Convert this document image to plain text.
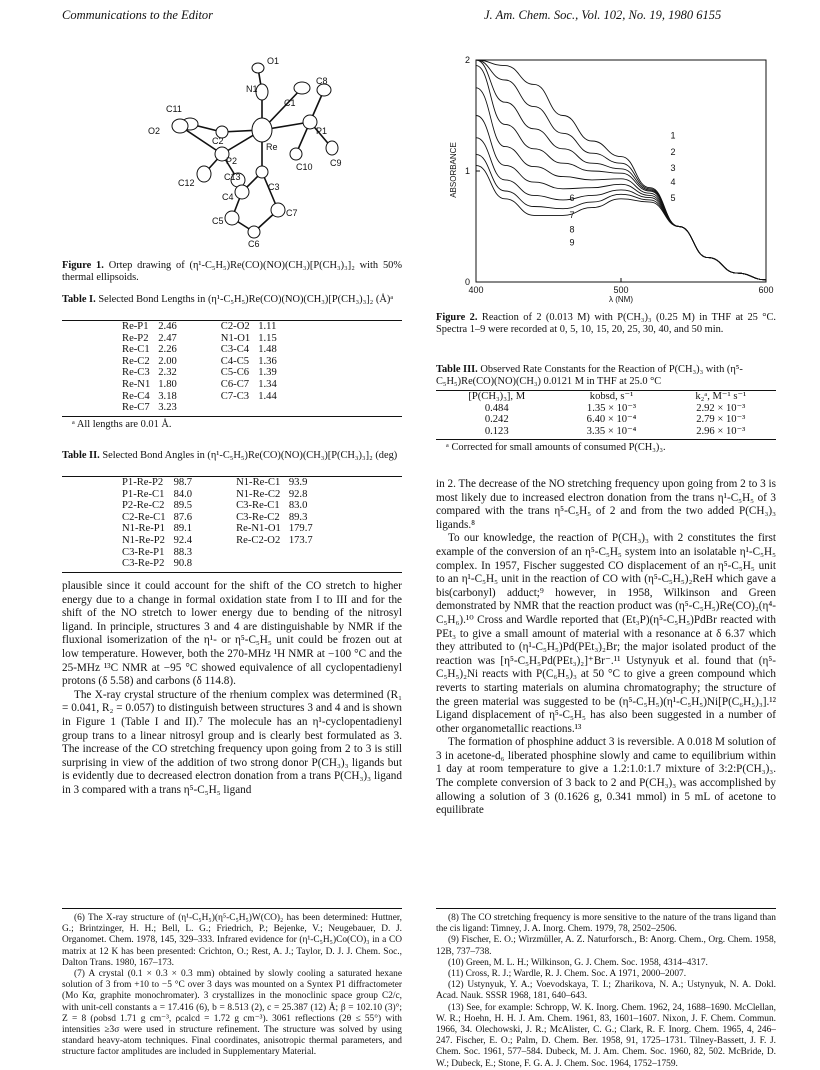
Communications to the Editor	J. Am. Chem. Soc., Vol. 102, No. 19, 1980 6155
O1
N1
C8
C1
C11
O2
C2
P1
P2
Re
C10
C12
C13
C3
C9
C4
C7
C5
C6
Figure 1. Ortep drawing of (η¹-C₅H₅)Re(CO)(NO)(CH₃)[P(CH₃)₃]₂ with 50% thermal ellipsoids.
Table I. Selected Bond Lengths in (η¹-C₅H₅)Re(CO)(NO)(CH₃)[P(CH₃)₃]₂ (Å)ᵃ
Re-P1	2.46	C2-O2	1.11
Re-P2	2.47	N1-O1	1.15
Re-C1	2.26	C3-C4	1.48
Re-C2	2.00	C4-C5	1.36
Re-C3	2.32	C5-C6	1.39
Re-N1	1.80	C6-C7	1.34
Re-C4	3.18	C7-C3	1.44
Re-C7	3.23		
ᵃ All lengths are 0.01 Å.
Table II. Selected Bond Angles in (η¹-C₅H₅)Re(CO)(NO)(CH₃)[P(CH₃)₃]₂ (deg)
P1-Re-P2	98.7	N1-Re-C1	93.9
P1-Re-C1	84.0	N1-Re-C2	92.8
P2-Re-C2	89.5	C3-Re-C1	83.0
C2-Re-C1	87.6	C3-Re-C2	89.3
N1-Re-P1	89.1	Re-N1-O1	179.7
N1-Re-P2	92.4	Re-C2-O2	173.7
C3-Re-P1	88.3		
C3-Re-P2	90.8		

plausible since it could account for the shift of the CO stretch to higher energy due to a change in formal oxidation state from I to III and for the shift of the NO stretch to lower energy due to bending of the nitrosyl ligand. In principle, structures 3 and 4 are distinguishable by NMR if the fluxional isomerization of the η¹- or η⁵-C₅H₅ unit could be frozen out at low temperature. However, both the 270-MHz ¹H NMR at −100 °C and the 25-MHz ¹³C NMR at −95 °C showed equivalence of all cyclopentadienyl protons (δ 5.58) and carbons (δ 114.8).

The X-ray crystal structure of the rhenium complex was determined (R₁ = 0.041, R₂ = 0.057) to distinguish between structures 3 and 4 and is shown in Figure 1 (Table I and II).⁷ The molecule has an η¹-cyclopentadienyl group trans to a linear nitrosyl group and is clearly best formulated as 3. The increase of the CO stretching frequency upon going from 2 to 3 is still surprising in view of the addition of two strong donor P(CH₃)₃ ligands but is evidently due to decreased electron donation from a trans P(CH₃)₃ ligand in 3 compared with a trans η⁵-C₅H₅ ligand

(6) The X-ray structure of (η¹-C₅H₅)(η⁵-C₅H₅)W(CO)₂ has been determined: Huttner, G.; Brintzinger, H. H.; Bell, L. G.; Friedrich, P.; Bejenke, V.; Neugebauer, D. J. Organomet. Chem. 1978, 145, 329–333. Infrared evidence for (η¹-C₅H₅)Co(CO)₃ in a CO matrix at 12 K has been presented: Crichton, O.; Rest, A. J.; Taylor, D. J. J. Chem. Soc., Dalton Trans. 1980, 167–173.

(7) A crystal (0.1 × 0.3 × 0.3 mm) obtained by slowly cooling a saturated hexane solution of 3 from +10 to −5 °C over 3 days was mounted on a Syntex P1 diffractometer (Mo Kα, graphite monochromater). 3 crystallizes in the monoclinic space group C2/c, with unit-cell constants a = 17.416 (6), b = 8.513 (2), c = 25.387 (12) Å; β = 102.10 (3)°; Z = 8 (ρobsd 1.71 g cm⁻³, ρcalcd = 1.72 g cm⁻³). 3061 reflections (2θ ≤ 55°) with intensities ≥3σ were used in structure refinement. The structure was solved by using standard heavy-atom techniques. Final coordinates, anisotropic thermal parameters, and structure factor amplitudes are included in Supplementary Material.

1
2
3
4
5
6
7
8
9
400	500	600
0
1
2
ABSORBANCE
λ (NM)
Figure 2. Reaction of 2 (0.013 M) with P(CH₃)₃ (0.25 M) in THF at 25 °C. Spectra 1–9 were recorded at 0, 5, 10, 15, 20, 25, 30, 40, and 50 min.
Table III. Observed Rate Constants for the Reaction of P(CH₃)₃ with (η⁵-C₅H₅)Re(CO)(NO)(CH₃) 0.0121 M in THF at 25.0 °C
[P(CH₃)₃], M	kobsd, s⁻¹	k₂ᵃ, M⁻¹ s⁻¹
0.484	1.35 × 10⁻³	2.92 × 10⁻³
0.242	6.40 × 10⁻⁴	2.79 × 10⁻³
0.123	3.35 × 10⁻⁴	2.96 × 10⁻³
ᵃ Corrected for small amounts of consumed P(CH₃)₃.

in 2. The decrease of the NO stretching frequency upon going from 2 to 3 is most likely due to increased electron donation from the trans η¹-C₅H₅ of 3 compared with the trans η⁵-C₅H₅ of 2 and from the two added P(CH₃)₃ ligands.⁸

To our knowledge, the reaction of P(CH₃)₃ with 2 constitutes the first example of the conversion of an η⁵-C₅H₅ system into an isolatable η¹-C₅H₅ complex. In 1957, Fischer suggested CO displacement of an η⁵-C₅H₅ unit to an η¹-C₅H₅ unit in the reaction of CO with (η⁵-C₅H₅)₂ReH which gave a bis(carbonyl) adduct;⁹ however, in 1958, Wilkinson and Green demonstrated by NMR that the reaction product was (η⁵-C₅H₅)Re(CO)₂(η⁴-C₅H₆).¹⁰ Cross and Wardle reported that (Et₃P)(η⁵-C₅H₅)PdBr reacted with PEt₃ to give a small amount of material with a resonance at δ 6.37 which they attributed to (η¹-C₅H₅)Pd(PEt₃)₂Br; the major isolated product of the reaction was [η⁵-C₅H₅Pd(PEt₃)₂]⁺Br⁻.¹¹ Ustynyuk et al. found that (η⁵-C₅H₅)₂Ni reacts with P(C₆H₅)₃ at 50 °C to give a green compound which reverts to starting materials on alumina chromatography; the structure of the green material was suggested to be (η⁵-C₅H₅)(η¹-C₅H₅)Ni[P(C₆H₅)₃].¹² Ligand displacement of η⁵-C₅H₅ has also been suggested in a number of other organometallic reactions.¹³

The formation of phosphine adduct 3 is reversible. A 0.018 M solution of 3 in acetone-d₆ liberated phosphine slowly and came to equilibrium within 1 day at room temperature to give a 1.2:1.0:1.7 mixture of 3:2:P(CH₃)₃. The complete conversion of 3 back to 2 and P(CH₃)₃ was accomplished by allowing a solution of 3 (0.1626 g, 0.341 mmol) in 5 mL of acetone to equilibrate

(8) The CO stretching frequency is more sensitive to the nature of the trans ligand than the cis ligand: Timney, J. A. Inorg. Chem. 1979, 78, 2502–2506.

(9) Fischer, E. O.; Wirzmüller, A. Z. Naturforsch., B: Anorg. Chem., Org. Chem. 1958, 12B, 737–738.

(10) Green, M. L. H.; Wilkinson, G. J. Chem. Soc. 1958, 4314–4317.

(11) Cross, R. J.; Wardle, R. J. Chem. Soc. A 1971, 2000–2007.

(12) Ustynyuk, Y. A.; Voevodskaya, T. I.; Zharikova, N. A.; Ustynyuk, N. A. Dokl. Acad. Nauk. SSSR 1968, 181, 640–643.

(13) See, for example: Schropp, W. K. Inorg. Chem. 1962, 24, 1688–1690. McClellan, W. R.; Hoehn, H. H. J. Am. Chem. 1961, 83, 1601–1607. Nixon, J. F. Chem. Commun. 1966, 34. Olechowski, J. R.; McAlister, C. G.; Clark, R. F. Inorg. Chem. 1965, 4, 246–247. Fischer, E. O.; Palm, D. Chem. Ber. 1958, 91, 1725–1731. Tilney-Bassett, J. F. J. Chem. Soc. 1961, 577–584. Dubeck, M. J. Am. Chem. Soc. 1960, 82, 502. McBride, D. W.; Dubeck, E.; Stone, F. G. A. J. Chem. Soc. 1964, 1752–1759.
